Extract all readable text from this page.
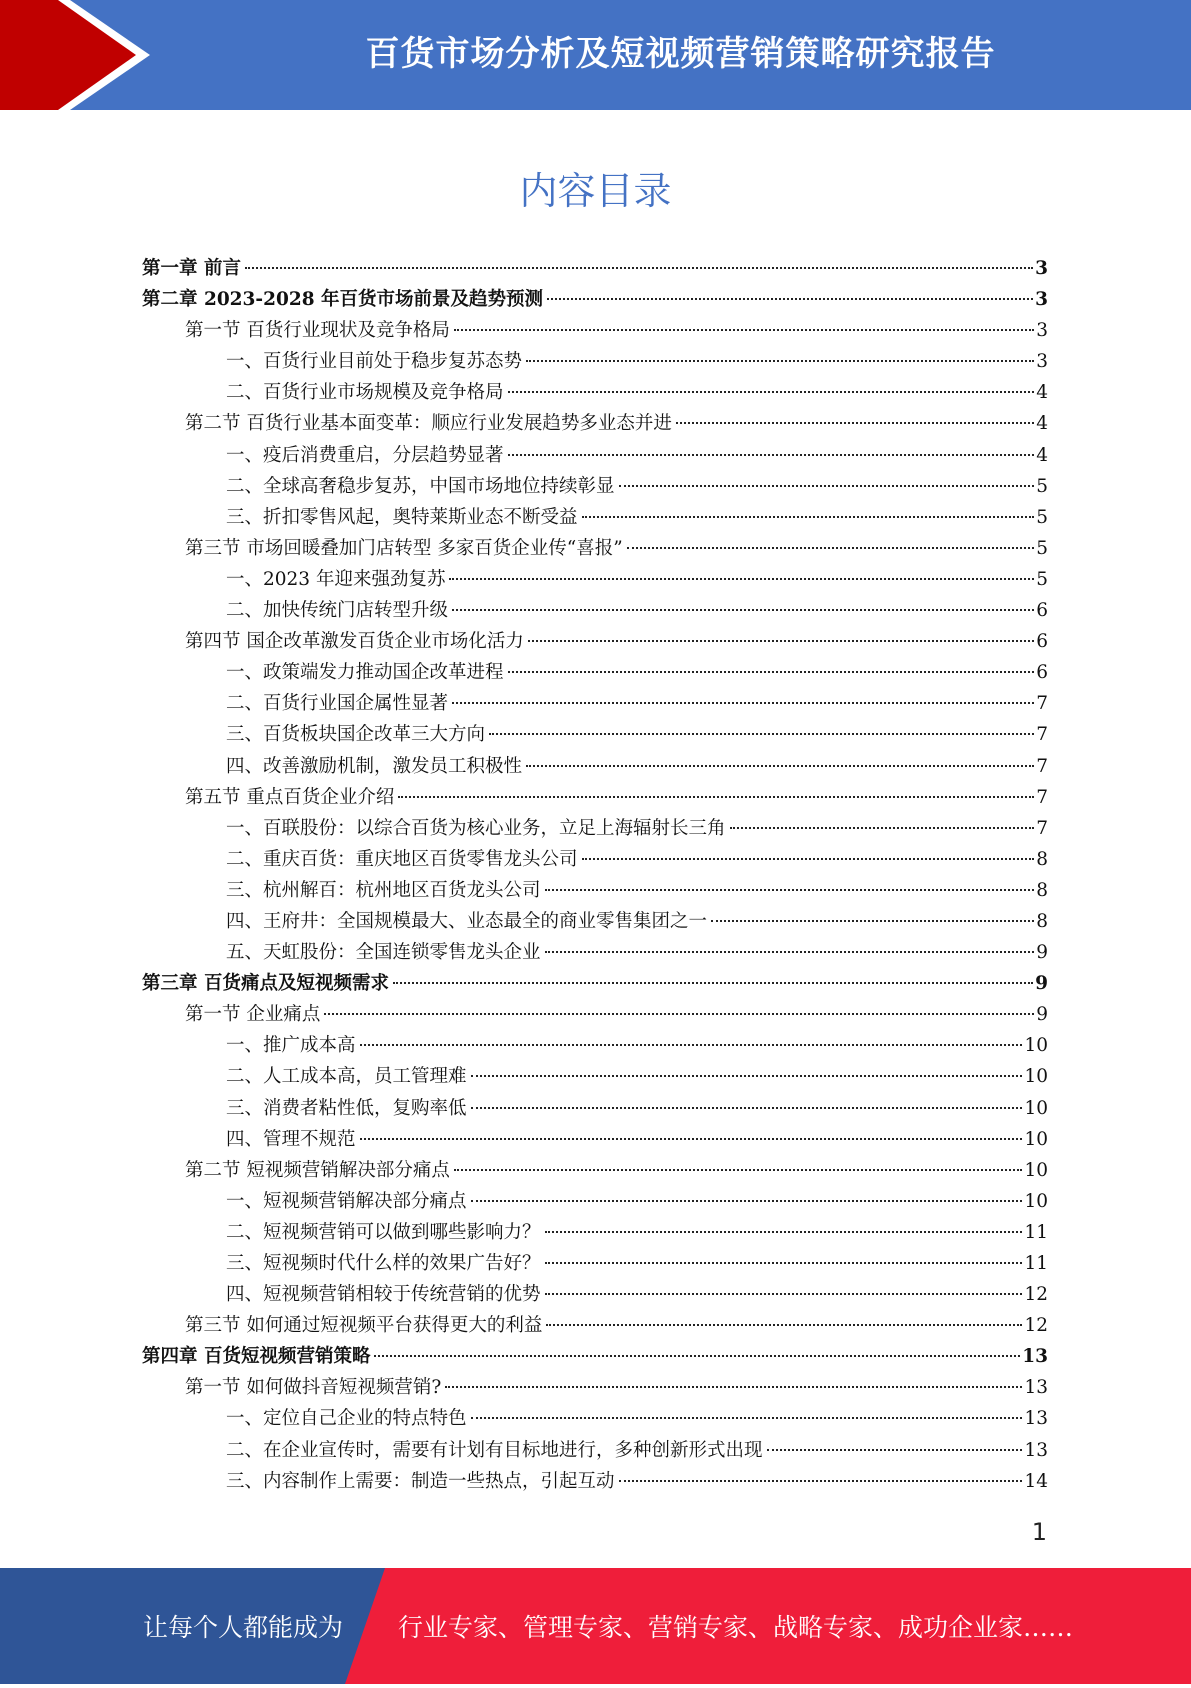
百货市场分析及短视频营销策略研究报告
内容目录
第一章 前言	3
第二章 2023-2028 年百货市场前景及趋势预测	3
第一节 百货行业现状及竞争格局	3
一、百货行业目前处于稳步复苏态势	3
二、百货行业市场规模及竞争格局	4
第二节 百货行业基本面变革：顺应行业发展趋势多业态并进	4
一、疫后消费重启，分层趋势显著	4
二、全球高奢稳步复苏，中国市场地位持续彰显	5
三、折扣零售风起，奥特莱斯业态不断受益	5
第三节 市场回暖叠加门店转型 多家百货企业传“喜报”	5
一、2023 年迎来强劲复苏	5
二、加快传统门店转型升级	6
第四节 国企改革激发百货企业市场化活力	6
一、政策端发力推动国企改革进程	6
二、百货行业国企属性显著	7
三、百货板块国企改革三大方向	7
四、改善激励机制，激发员工积极性	7
第五节 重点百货企业介绍	7
一、百联股份：以综合百货为核心业务，立足上海辐射长三角	7
二、重庆百货：重庆地区百货零售龙头公司	8
三、杭州解百：杭州地区百货龙头公司	8
四、王府井：全国规模最大、业态最全的商业零售集团之一	8
五、天虹股份：全国连锁零售龙头企业	9
第三章 百货痛点及短视频需求	9
第一节 企业痛点	9
一、推广成本高	10
二、人工成本高，员工管理难	10
三、消费者粘性低，复购率低	10
四、管理不规范	10
第二节 短视频营销解决部分痛点	10
一、短视频营销解决部分痛点	10
二、短视频营销可以做到哪些影响力？	11
三、短视频时代什么样的效果广告好？	11
四、短视频营销相较于传统营销的优势	12
第三节 如何通过短视频平台获得更大的利益	12
第四章 百货短视频营销策略	13
第一节 如何做抖音短视频营销?	13
一、定位自己企业的特点特色	13
二、在企业宣传时，需要有计划有目标地进行，多种创新形式出现	13
三、内容制作上需要：制造一些热点，引起互动	14
1
让每个人都能成为 行业专家、管理专家、营销专家、战略专家、成功企业家……
